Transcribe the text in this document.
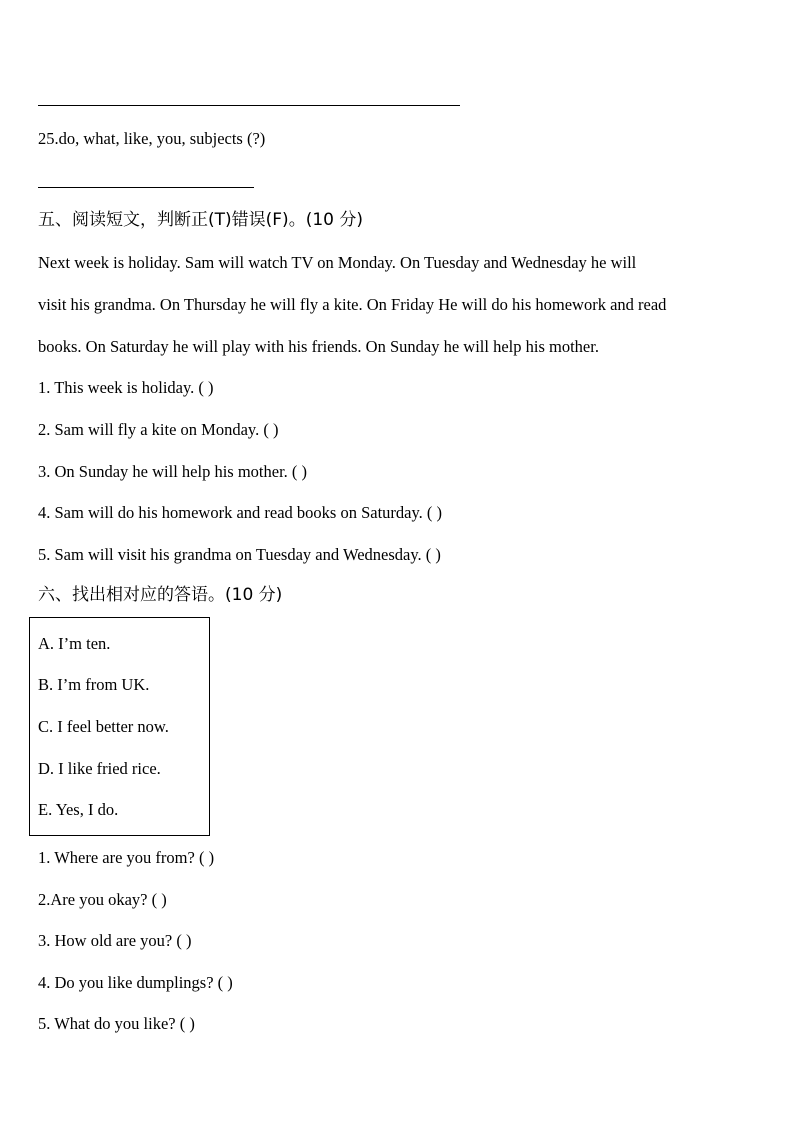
25.do, what, like, you, subjects (?)
五、阅读短文，判断正(T)错误(F)。(10 分)
Next week is holiday. Sam will watch TV on Monday. On Tuesday and Wednesday he will
visit his grandma. On Thursday he will fly a kite. On Friday He will do his homework and read
books. On Saturday he will play with his friends. On Sunday he will help his mother.
1. This week is holiday. ( )
2. Sam will fly a kite on Monday. ( )
3. On Sunday he will help his mother. ( )
4. Sam will do his homework and read books on Saturday. ( )
5. Sam will visit his grandma on Tuesday and Wednesday. ( )
六、找出相对应的答语。(10 分)
A. I’m ten.
B. I’m from UK.
C. I feel better now.
D. I like fried rice.
E. Yes, I do.
1. Where are you from? ( )
2.Are you okay? ( )
3. How old are you? ( )
4. Do you like dumplings? ( )
5. What do you like? ( )
